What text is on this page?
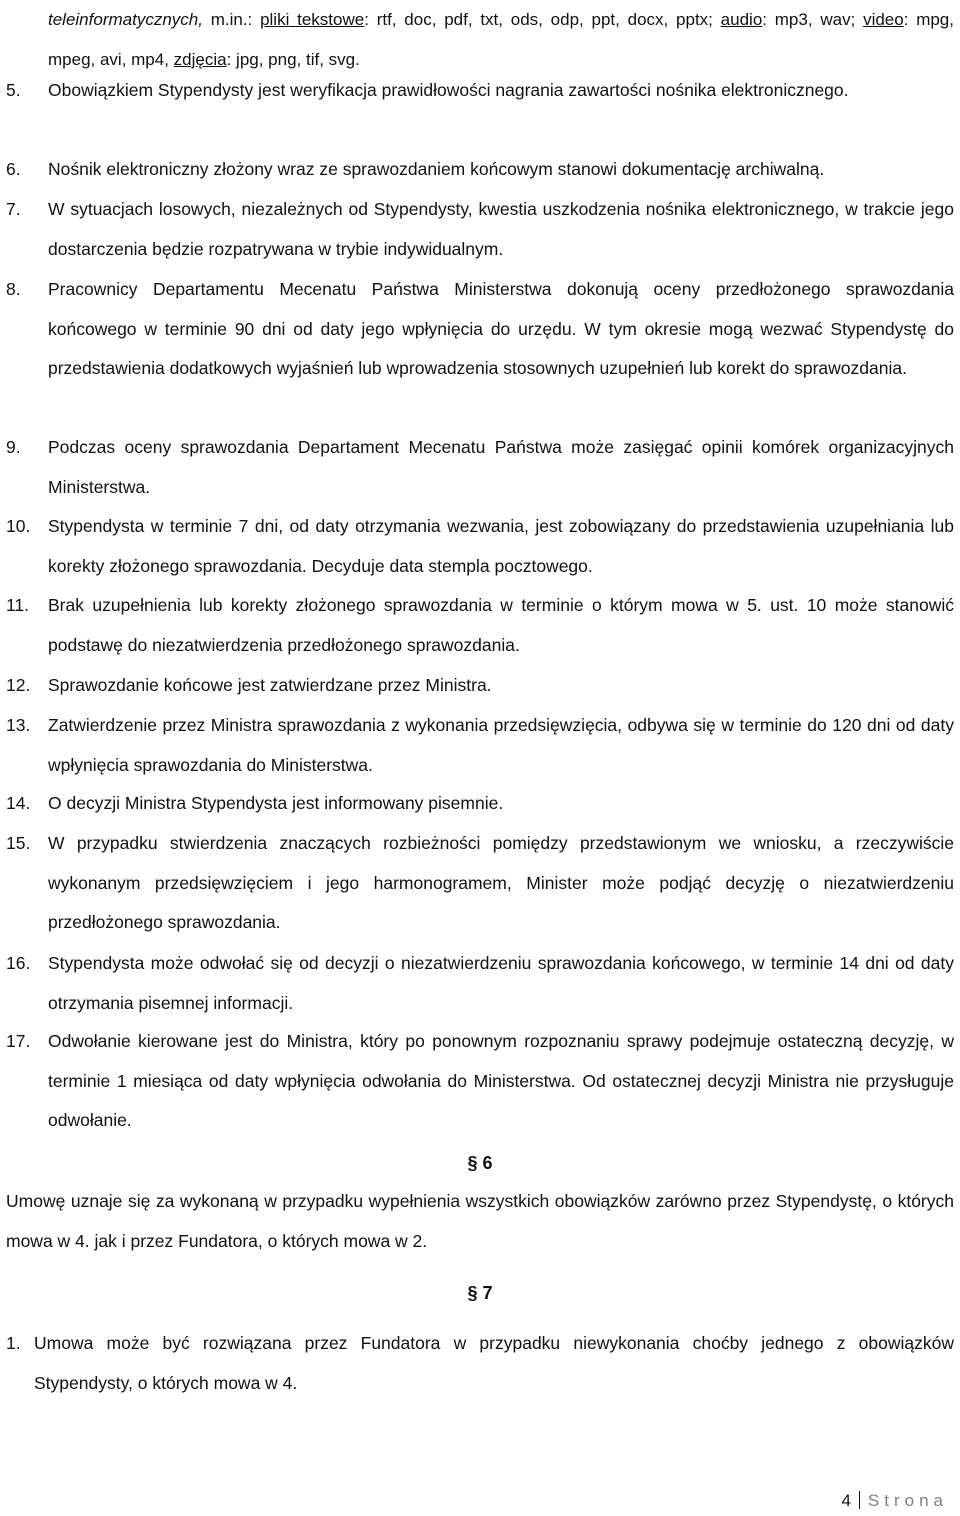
teleinformatycznych, m.in.: pliki tekstowe: rtf, doc, pdf, txt, ods, odp, ppt, docx, pptx; audio: mp3, wav; video: mpg, mpeg, avi, mp4, zdjęcia: jpg, png, tif, svg.
5.	Obowiązkiem Stypendysty jest weryfikacja prawidłowości nagrania zawartości nośnika elektronicznego.
6.	Nośnik elektroniczny złożony wraz ze sprawozdaniem końcowym stanowi dokumentację archiwalną.
7.	W sytuacjach losowych, niezależnych od Stypendysty, kwestia uszkodzenia nośnika elektronicznego, w trakcie jego dostarczenia będzie rozpatrywana w trybie indywidualnym.
8.	Pracownicy Departamentu Mecenatu Państwa Ministerstwa dokonują oceny przedłożonego sprawozdania końcowego w terminie 90 dni od daty jego wpłynięcia do urzędu. W tym okresie mogą wezwać Stypendystę do przedstawienia dodatkowych wyjaśnień lub wprowadzenia stosownych uzupełnień lub korekt do sprawozdania.
9.	Podczas oceny sprawozdania Departament Mecenatu Państwa może zasięgać opinii komórek organizacyjnych Ministerstwa.
10.	Stypendysta w terminie 7 dni, od daty otrzymania wezwania, jest zobowiązany do przedstawienia uzupełniania lub korekty złożonego sprawozdania. Decyduje data stempla pocztowego.
11.	Brak uzupełnienia lub korekty złożonego sprawozdania w terminie o którym mowa w 5. ust. 10 może stanowić podstawę do niezatwierdzenia przedłożonego sprawozdania.
12.	Sprawozdanie końcowe jest zatwierdzane przez Ministra.
13.	Zatwierdzenie przez Ministra sprawozdania z wykonania przedsięwzięcia, odbywa się w terminie do 120 dni od daty wpłynięcia sprawozdania do Ministerstwa.
14.	O decyzji Ministra Stypendysta jest informowany pisemnie.
15.	W przypadku stwierdzenia znaczących rozbieżności pomiędzy przedstawionym we wniosku, a rzeczywiście wykonanym przedsięwzięciem i jego harmonogramem, Minister może podjąć decyzję o niezatwierdzeniu przedłożonego sprawozdania.
16.	Stypendysta może odwołać się od decyzji o niezatwierdzeniu sprawozdania końcowego, w terminie 14 dni od daty otrzymania pisemnej informacji.
17.	Odwołanie kierowane jest do Ministra, który po ponownym rozpoznaniu sprawy podejmuje ostateczną decyzję, w terminie 1 miesiąca od daty wpłynięcia odwołania do Ministerstwa. Od ostatecznej decyzji Ministra nie przysługuje odwołanie.
§ 6
Umowę uznaje się za wykonaną w przypadku wypełnienia wszystkich obowiązków zarówno przez Stypendystę, o których mowa w 4. jak i przez Fundatora, o których mowa w 2.
§ 7
1. Umowa może być rozwiązana przez Fundatora w przypadku niewykonania choćby jednego z obowiązków Stypendysty, o których mowa w 4.
4 Strona
